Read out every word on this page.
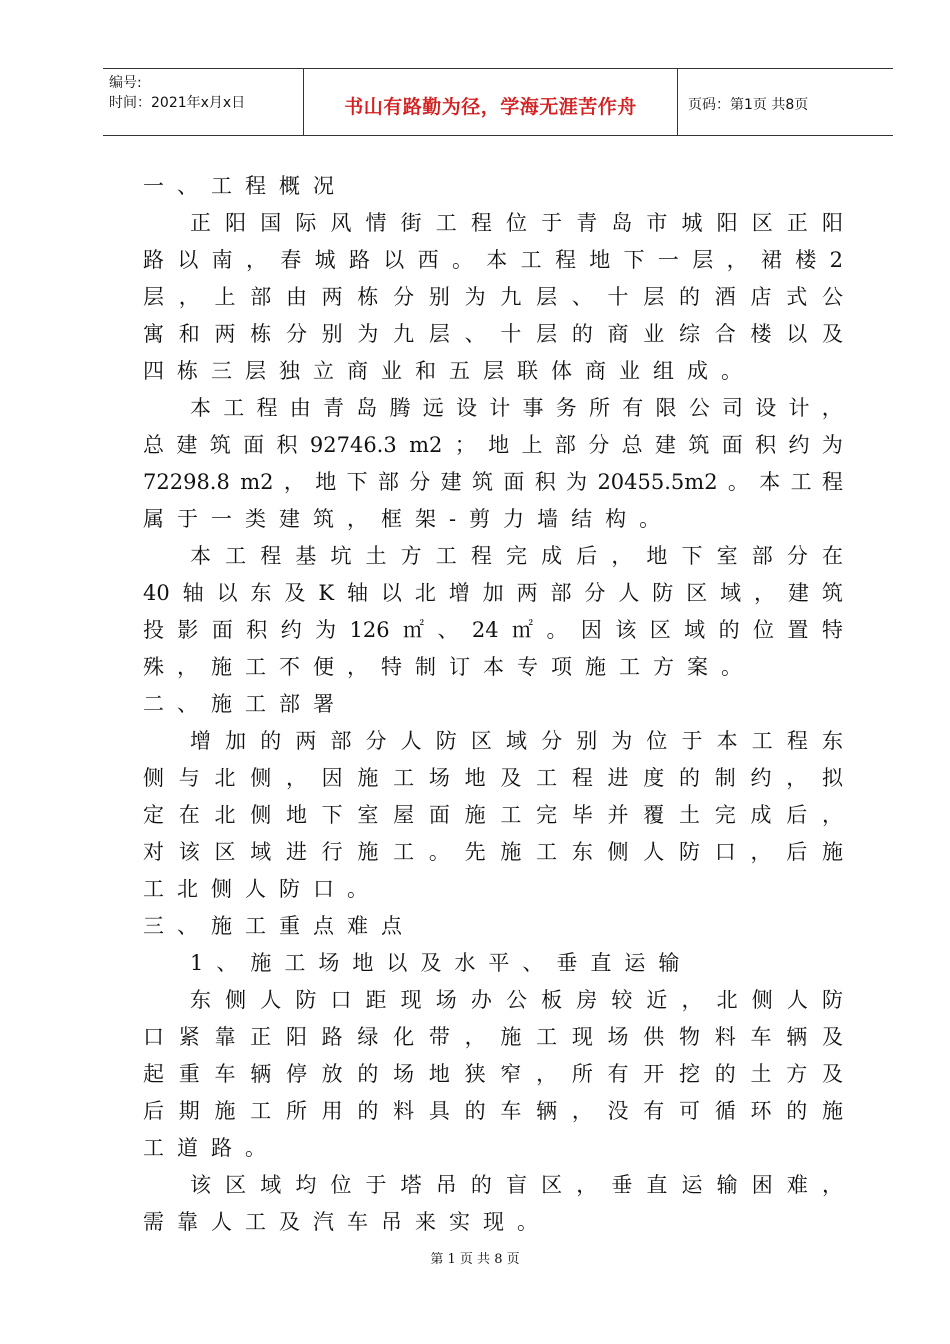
编号:
时间：2021年x月x日	书山有路勤为径，学海无涯苦作舟	页码：第1页 共8页
一 、 工 程 概 况
正 阳 国 际 风 情 街 工 程 位 于 青 岛 市 城 阳 区 正 阳
路 以 南 ， 春 城 路 以 西 。 本 工 程 地 下 一 层 ， 裙 楼 2
层 ， 上 部 由 两 栋 分 别 为 九 层 、 十 层 的 酒 店 式 公
寓 和 两 栋 分 别 为 九 层 、 十 层 的 商 业 综 合 楼 以 及
四 栋 三 层 独 立 商 业 和 五 层 联 体 商 业 组 成 。
本 工 程 由 青 岛 腾 远 设 计 事 务 所 有 限 公 司 设 计 ，
总 建 筑 面 积 92746.3 m2 ； 地 上 部 分 总 建 筑 面 积 约 为
72298.8 m2 ， 地 下 部 分 建 筑 面 积 为 20455.5m2 。 本 工 程
属 于 一 类 建 筑 ， 框 架 - 剪 力 墙 结 构 。
本 工 程 基 坑 土 方 工 程 完 成 后 ， 地 下 室 部 分 在
40 轴 以 东 及 K 轴 以 北 增 加 两 部 分 人 防 区 域 ， 建 筑
投 影 面 积 约 为 126 ㎡ 、 24 ㎡ 。 因 该 区 域 的 位 置 特
殊 ， 施 工 不 便 ， 特 制 订 本 专 项 施 工 方 案 。
二 、 施 工 部 署
增 加 的 两 部 分 人 防 区 域 分 别 为 位 于 本 工 程 东
侧 与 北 侧 ， 因 施 工 场 地 及 工 程 进 度 的 制 约 ， 拟
定 在 北 侧 地 下 室 屋 面 施 工 完 毕 并 覆 土 完 成 后 ，
对 该 区 域 进 行 施 工 。 先 施 工 东 侧 人 防 口 ， 后 施
工 北 侧 人 防 口 。
三 、 施 工 重 点 难 点
1 、 施 工 场 地 以 及 水 平 、 垂 直 运 输
东 侧 人 防 口 距 现 场 办 公 板 房 较 近 ， 北 侧 人 防
口 紧 靠 正 阳 路 绿 化 带 ， 施 工 现 场 供 物 料 车 辆 及
起 重 车 辆 停 放 的 场 地 狭 窄 ， 所 有 开 挖 的 土 方 及
后 期 施 工 所 用 的 料 具 的 车 辆 ， 没 有 可 循 环 的 施
工 道 路 。
该 区 域 均 位 于 塔 吊 的 盲 区 ， 垂 直 运 输 困 难 ，
需 靠 人 工 及 汽 车 吊 来 实 现 。
第 1 页 共 8 页
